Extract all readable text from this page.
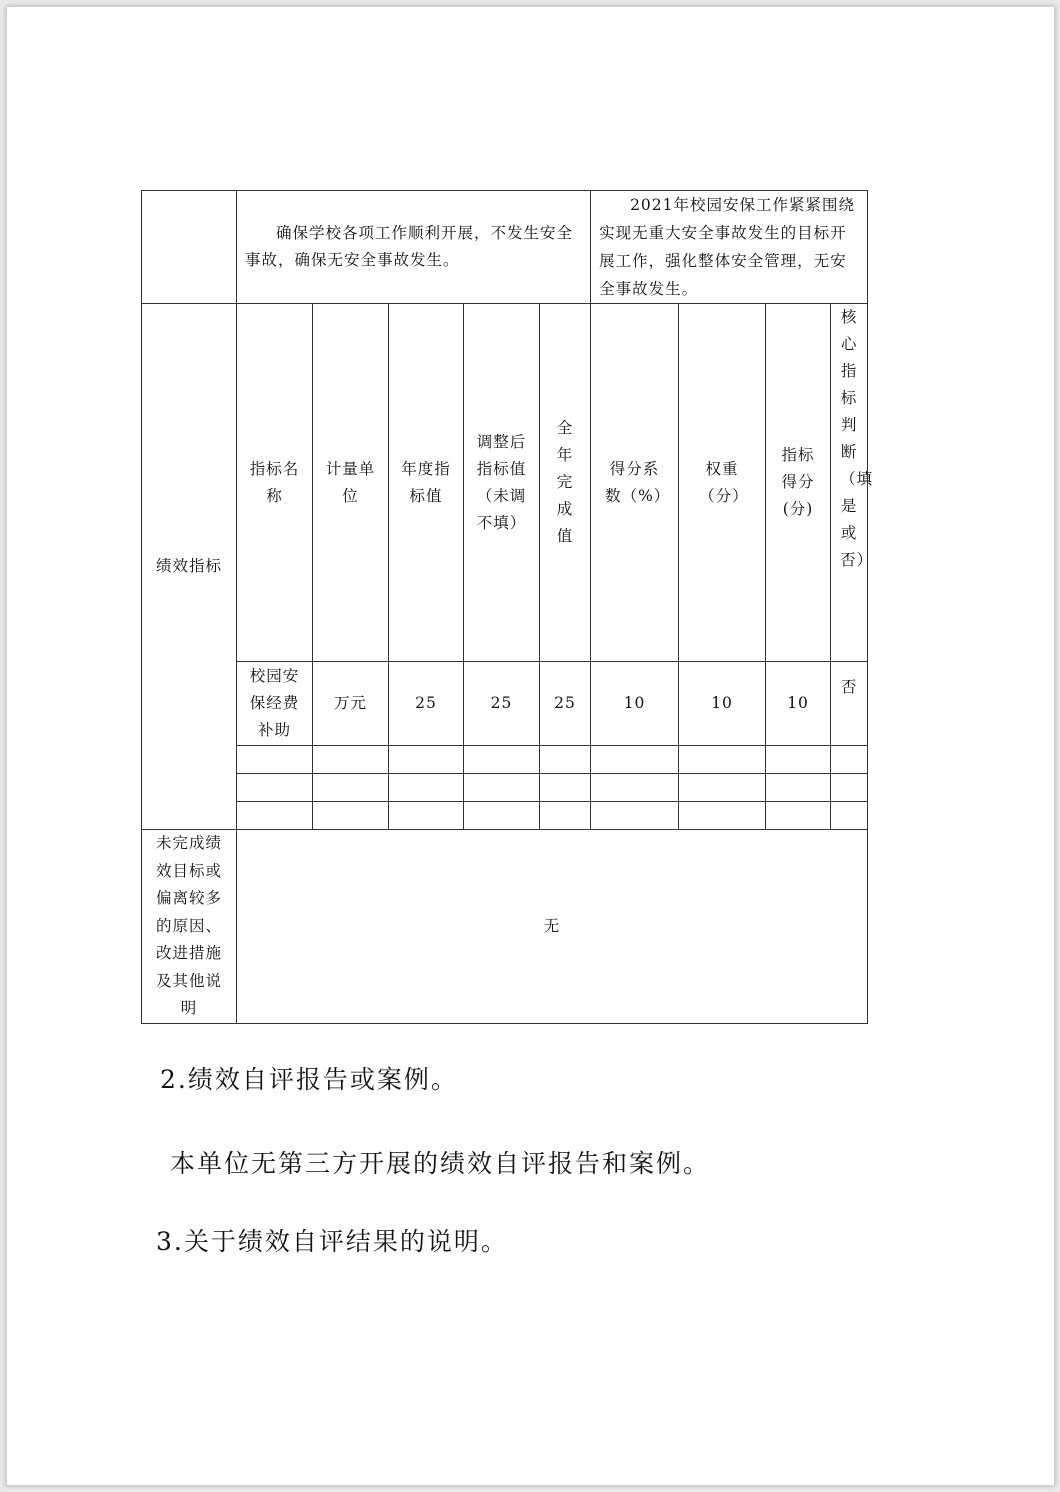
	确保学校各项工作顺利开展，不发生安全事故，确保无安全事故发生。					2021年校园安保工作紧紧围绕实现无重大安全事故发生的目标开展工作，强化整体安全管理，无安全事故发生。			
绩效指标	指标名称	计量单位	年度指标值	调整后指标值（未调不填）	全年完成值	得分系数（%）	权重（分）	指标得分(分)	核心指标判断（填是或否）
	校园安保经费补助	万元	25	25	25	10	10	10	否

未完成绩效目标或偏离较多的原因、改进措施及其他说明	无								

2.绩效自评报告或案例。

本单位无第三方开展的绩效自评报告和案例。

3.关于绩效自评结果的说明。
